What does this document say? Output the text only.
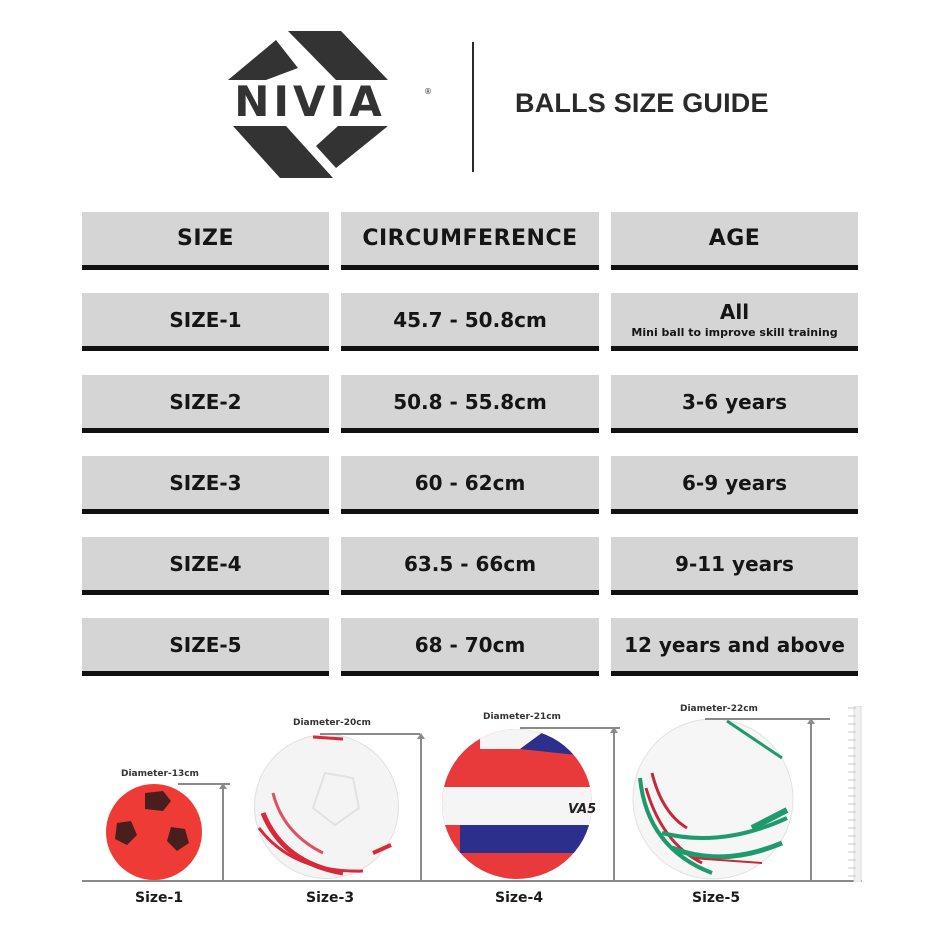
NIVIA	®	BALLS SIZE GUIDE
SIZE	CIRCUMFERENCE	AGE
SIZE-1	45.7 - 50.8cm	All
Mini ball to improve skill training
SIZE-2	50.8 - 55.8cm	3-6 years
SIZE-3	60 - 62cm	6-9 years
SIZE-4	63.5 - 66cm	9-11 years
SIZE-5	68 - 70cm	12 years and above
Diameter-13cm
Size-1
Diameter-20cm
Size-3
VA5
Diameter-21cm
Size-4
Diameter-22cm
Size-5
